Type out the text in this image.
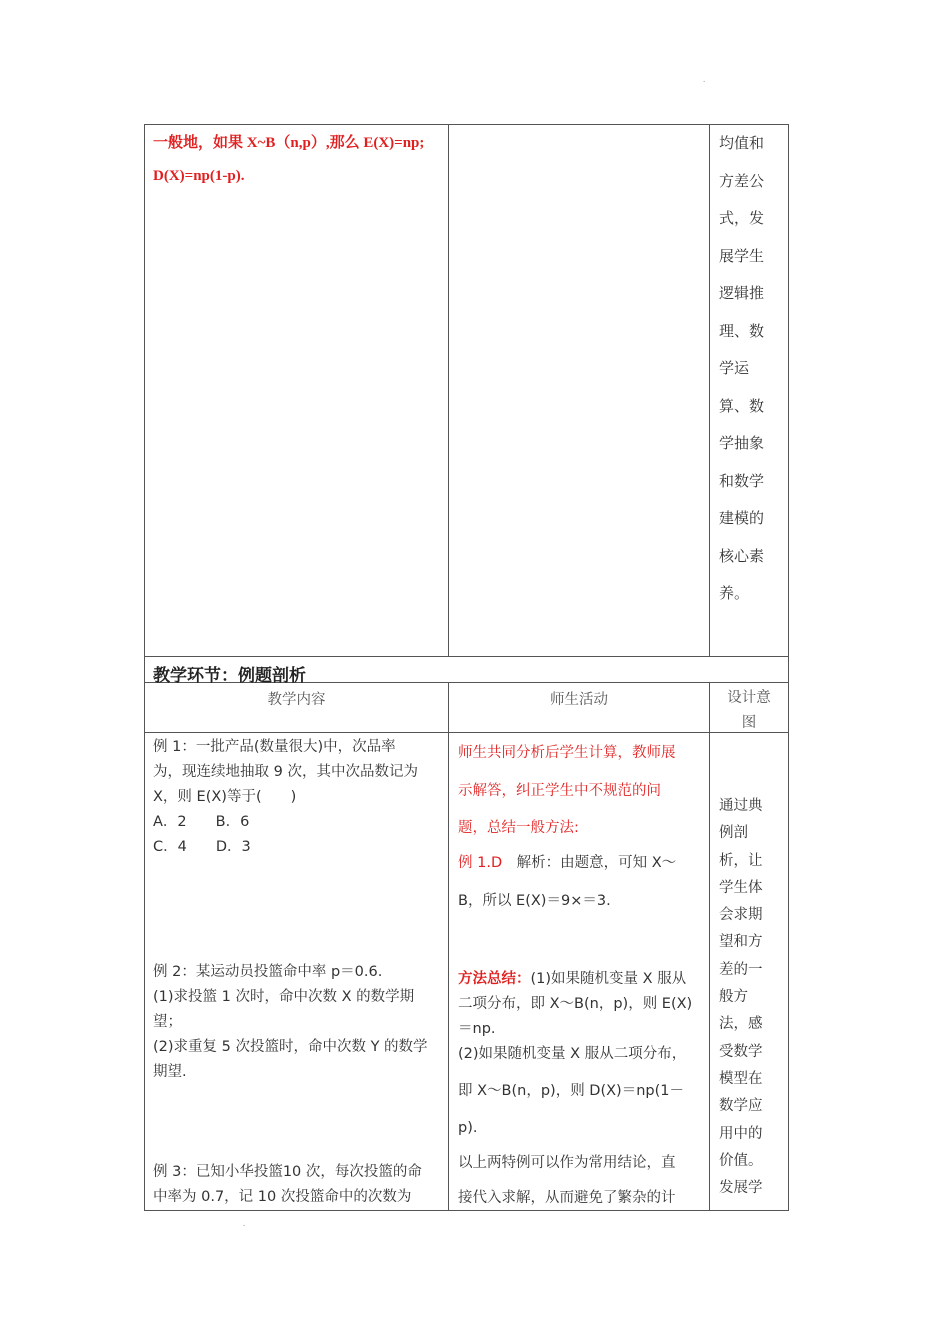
.
.
一般地，如果 X~B（n,p）,那么 E(X)=np;
D(X)=np(1-p).
均值和
方差公
式，发
展学生
逻辑推
理、数
学运
算、数
学抽象
和数学
建模的
核心素
养。
教学环节：例题剖析
教学内容	师生活动	设计意
图
例 1：一批产品(数量很大)中，次品率
为，现连续地抽取 9 次，其中次品数记为
X，则 E(X)等于(　　)
A．2　　B．6
C．4　　D．3
例 2：某运动员投篮命中率 p＝0.6.
(1)求投篮 1 次时，命中次数 X 的数学期
望；
(2)求重复 5 次投篮时，命中次数 Y 的数学
期望.
例 3：已知小华投篮10 次，每次投篮的命
中率为 0.7，记 10 次投篮命中的次数为
师生共同分析后学生计算，教师展
示解答，纠正学生中不规范的问
题，总结一般方法:
例 1.D　解析：由题意，可知 X～
B，所以 E(X)＝9×＝3.
方法总结：(1)如果随机变量 X 服从
二项分布，即 X～B(n，p)，则 E(X)
＝np.
(2)如果随机变量 X 服从二项分布，
即 X～B(n，p)，则 D(X)＝np(1－
p).
以上两特例可以作为常用结论，直
接代入求解，从而避免了繁杂的计
通过典
例剖
析，让
学生体
会求期
望和方
差的一
般方
法，感
受数学
模型在
数学应
用中的
价值。
发展学
